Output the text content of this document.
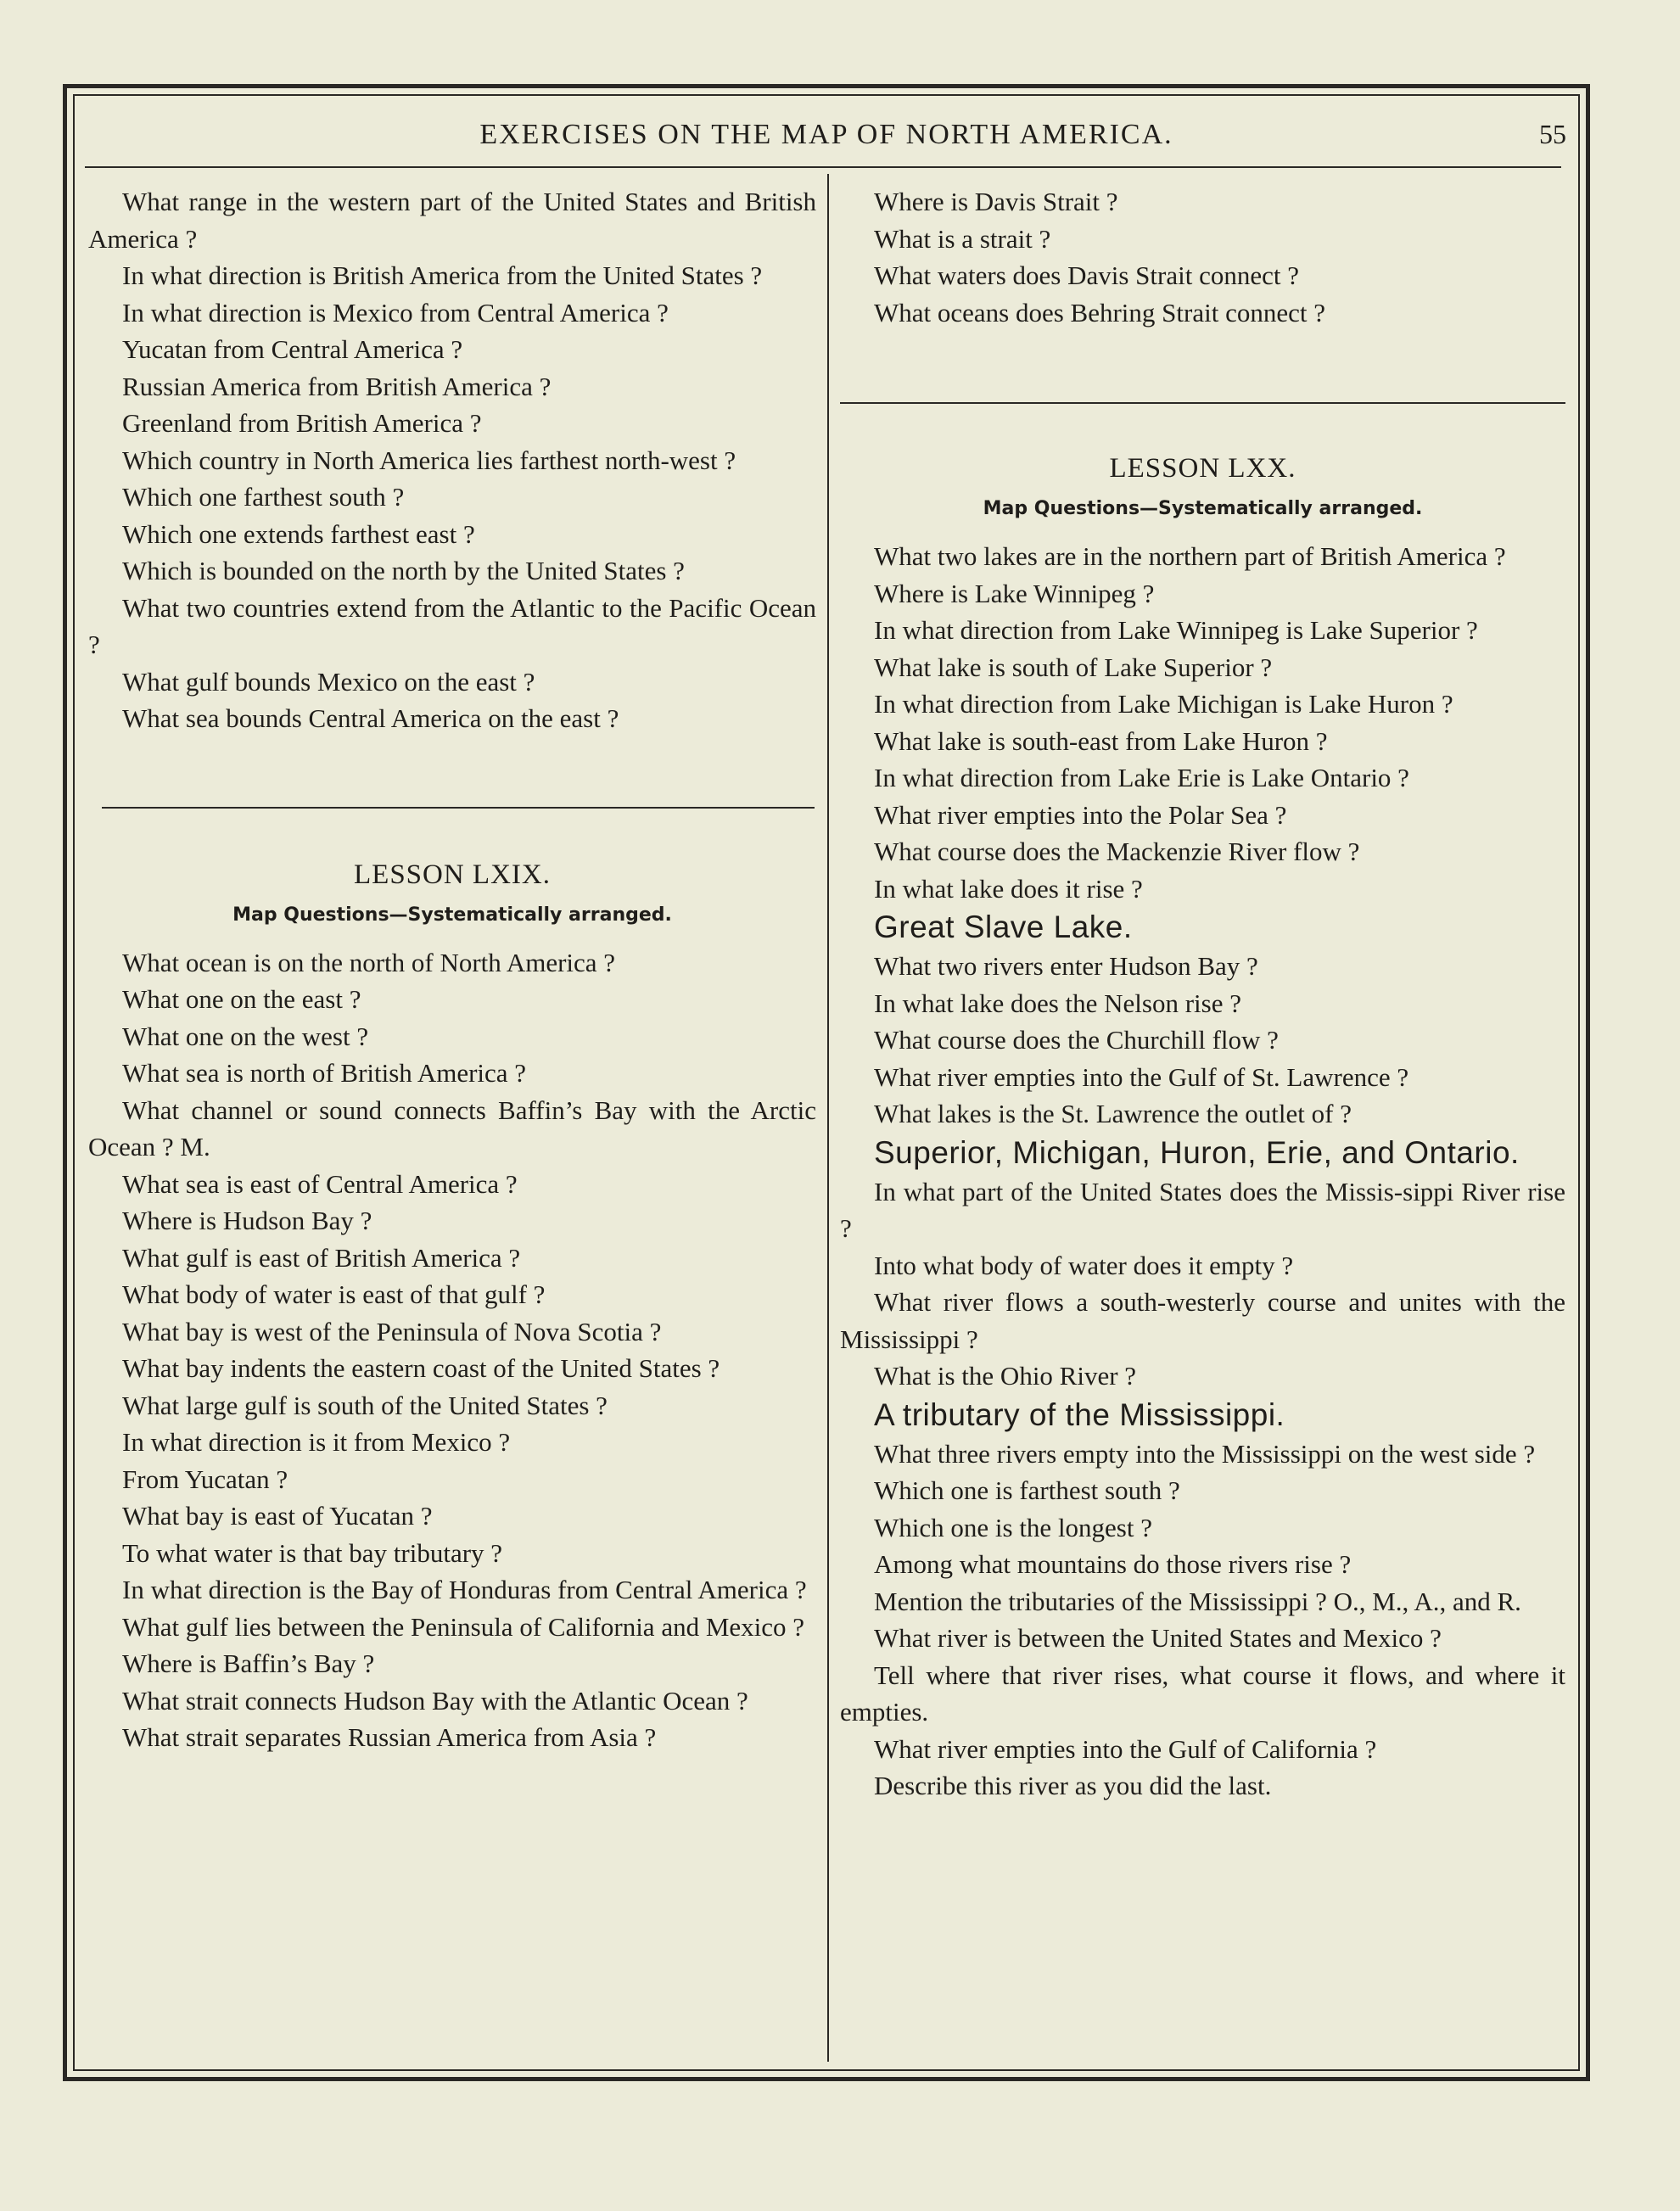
EXERCISES ON THE MAP OF NORTH AMERICA.	55

What range in the western part of the United States and British America ?

In what direction is British America from the United States ?

In what direction is Mexico from Central America ?

Yucatan from Central America ?

Russian America from British America ?

Greenland from British America ?

Which country in North America lies farthest north-west ?

Which one farthest south ?

Which one extends farthest east ?

Which is bounded on the north by the United States ?

What two countries extend from the Atlantic to the Pacific Ocean ?

What gulf bounds Mexico on the east ?

What sea bounds Central America on the east ?

LESSON LXIX.

Map Questions—Systematically arranged.

What ocean is on the north of North America ?

What one on the east ?

What one on the west ?

What sea is north of British America ?

What channel or sound connects Baffin’s Bay with the Arctic Ocean ? M.

What sea is east of Central America ?

Where is Hudson Bay ?

What gulf is east of British America ?

What body of water is east of that gulf ?

What bay is west of the Peninsula of Nova Scotia ?

What bay indents the eastern coast of the United States ?

What large gulf is south of the United States ?

In what direction is it from Mexico ?

From Yucatan ?

What bay is east of Yucatan ?

To what water is that bay tributary ?

In what direction is the Bay of Honduras from Central America ?

What gulf lies between the Peninsula of California and Mexico ?

Where is Baffin’s Bay ?

What strait connects Hudson Bay with the Atlantic Ocean ?

What strait separates Russian America from Asia ?

Where is Davis Strait ?

What is a strait ?

What waters does Davis Strait connect ?

What oceans does Behring Strait connect ?

LESSON LXX.

Map Questions—Systematically arranged.

What two lakes are in the northern part of British America ?

Where is Lake Winnipeg ?

In what direction from Lake Winnipeg is Lake Superior ?

What lake is south of Lake Superior ?

In what direction from Lake Michigan is Lake Huron ?

What lake is south-east from Lake Huron ?

In what direction from Lake Erie is Lake Ontario ?

What river empties into the Polar Sea ?

What course does the Mackenzie River flow ?

In what lake does it rise ?

Great Slave Lake.

What two rivers enter Hudson Bay ?

In what lake does the Nelson rise ?

What course does the Churchill flow ?

What river empties into the Gulf of St. Lawrence ?

What lakes is the St. Lawrence the outlet of ?

Superior, Michigan, Huron, Erie, and Ontario.

In what part of the United States does the Missis-sippi River rise ?

Into what body of water does it empty ?

What river flows a south-westerly course and unites with the Mississippi ?

What is the Ohio River ?

A tributary of the Mississippi.

What three rivers empty into the Mississippi on the west side ?

Which one is farthest south ?

Which one is the longest ?

Among what mountains do those rivers rise ?

Mention the tributaries of the Mississippi ? O., M., A., and R.

What river is between the United States and Mexico ?

Tell where that river rises, what course it flows, and where it empties.

What river empties into the Gulf of California ?

Describe this river as you did the last.
